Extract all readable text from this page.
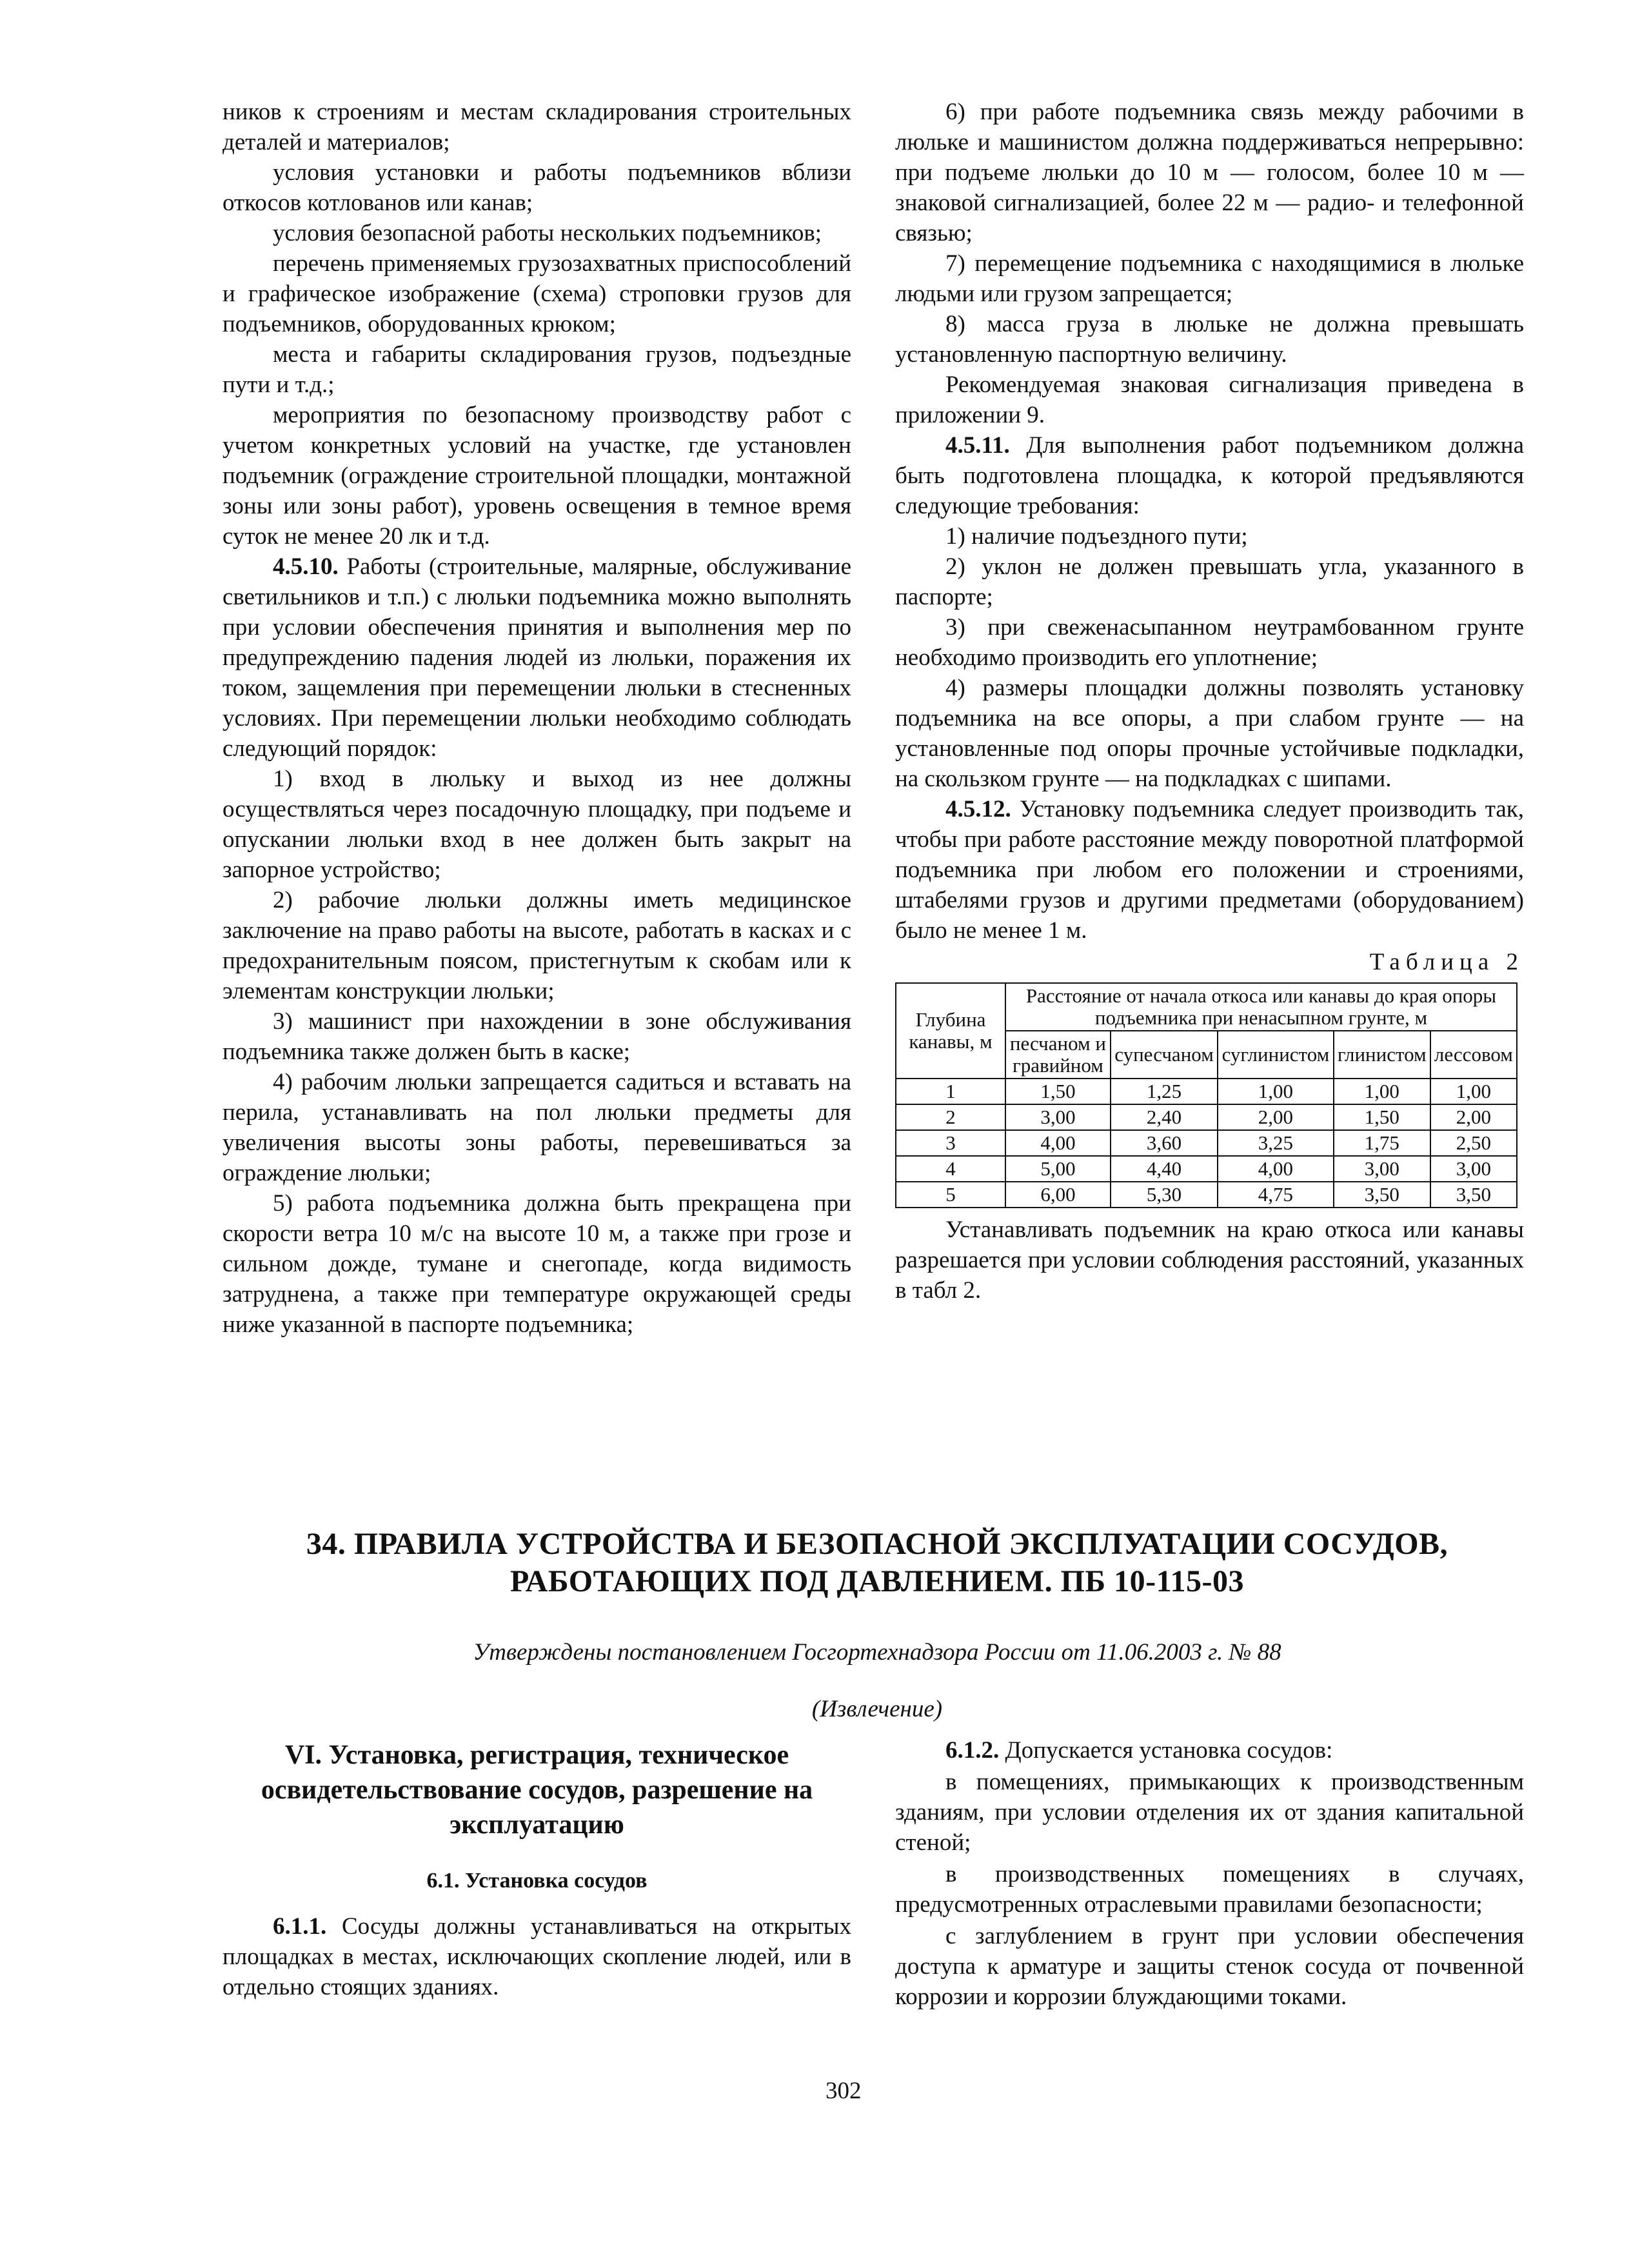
ников к строениям и местам складирования строительных деталей и материалов;

условия установки и работы подъемников вблизи откосов котлованов или канав;

условия безопасной работы нескольких подъемников;

перечень применяемых грузозахватных приспособлений и графическое изображение (схема) строповки грузов для подъемников, оборудованных крюком;

места и габариты складирования грузов, подъездные пути и т.д.;

мероприятия по безопасному производству работ с учетом конкретных условий на участке, где установлен подъемник (ограждение строительной площадки, монтажной зоны или зоны работ), уровень освещения в темное время суток не менее 20 лк и т.д.

4.5.10. Работы (строительные, малярные, обслуживание светильников и т.п.) с люльки подъемника можно выполнять при условии обеспечения принятия и выполнения мер по предупреждению падения людей из люльки, поражения их током, защемления при перемещении люльки в стесненных условиях. При перемещении люльки необходимо соблюдать следующий порядок:

1) вход в люльку и выход из нее должны осуществляться через посадочную площадку, при подъеме и опускании люльки вход в нее должен быть закрыт на запорное устройство;

2) рабочие люльки должны иметь медицинское заключение на право работы на высоте, работать в касках и с предохранительным поясом, пристегнутым к скобам или к элементам конструкции люльки;

3) машинист при нахождении в зоне обслуживания подъемника также должен быть в каске;

4) рабочим люльки запрещается садиться и вставать на перила, устанавливать на пол люльки предметы для увеличения высоты зоны работы, перевешиваться за ограждение люльки;

5) работа подъемника должна быть прекращена при скорости ветра 10 м/с на высоте 10 м, а также при грозе и сильном дожде, тумане и снегопаде, когда видимость затруднена, а также при температуре окружающей среды ниже указанной в паспорте подъемника;

6) при работе подъемника связь между рабочими в люльке и машинистом должна поддерживаться непрерывно: при подъеме люльки до 10 м — голосом, более 10 м — знаковой сигнализацией, более 22 м — радио- и телефонной связью;

7) перемещение подъемника с находящимися в люльке людьми или грузом запрещается;

8) масса груза в люльке не должна превышать установленную паспортную величину.

Рекомендуемая знаковая сигнализация приведена в приложении 9.

4.5.11. Для выполнения работ подъемником должна быть подготовлена площадка, к которой предъявляются следующие требования:

1) наличие подъездного пути;

2) уклон не должен превышать угла, указанного в паспорте;

3) при свеженасыпанном неутрамбованном грунте необходимо производить его уплотнение;

4) размеры площадки должны позволять установку подъемника на все опоры, а при слабом грунте — на установленные под опоры прочные устойчивые подкладки, на скользком грунте — на подкладках с шипами.

4.5.12. Установку подъемника следует производить так, чтобы при работе расстояние между поворотной платформой подъемника при любом его положении и строениями, штабелями грузов и другими предметами (оборудованием) было не менее 1 м.

Таблица 2
Глубина канавы, м	Расстояние от начала откоса или канавы до края опоры подъемника при ненасыпном грунте, м				
	песчаном и гравийном	супесчаном	суглинистом	глинистом	лессовом
1	1,50	1,25	1,00	1,00	1,00
2	3,00	2,40	2,00	1,50	2,00
3	4,00	3,60	3,25	1,75	2,50
4	5,00	4,40	4,00	3,00	3,00
5	6,00	5,30	4,75	3,50	3,50

Устанавливать подъемник на краю откоса или канавы разрешается при условии соблюдения расстояний, указанных в табл 2.

34. ПРАВИЛА УСТРОЙСТВА И БЕЗОПАСНОЙ ЭКСПЛУАТАЦИИ СОСУДОВ, РАБОТАЮЩИХ ПОД ДАВЛЕНИЕМ. ПБ 10-115-03
Утверждены постановлением Госгортехнадзора России от 11.06.2003 г. № 88
(Извлечение)
VI. Установка, регистрация, техническое освидетельствование сосудов, разрешение на эксплуатацию
6.1. Установка сосудов

6.1.1. Сосуды должны устанавливаться на открытых площадках в местах, исключающих скопление людей, или в отдельно стоящих зданиях.

6.1.2. Допускается установка сосудов:

в помещениях, примыкающих к производственным зданиям, при условии отделения их от здания капитальной стеной;

в производственных помещениях в случаях, предусмотренных отраслевыми правилами безопасности;

с заглублением в грунт при условии обеспечения доступа к арматуре и защиты стенок сосуда от почвенной коррозии и коррозии блуждающими токами.

302
